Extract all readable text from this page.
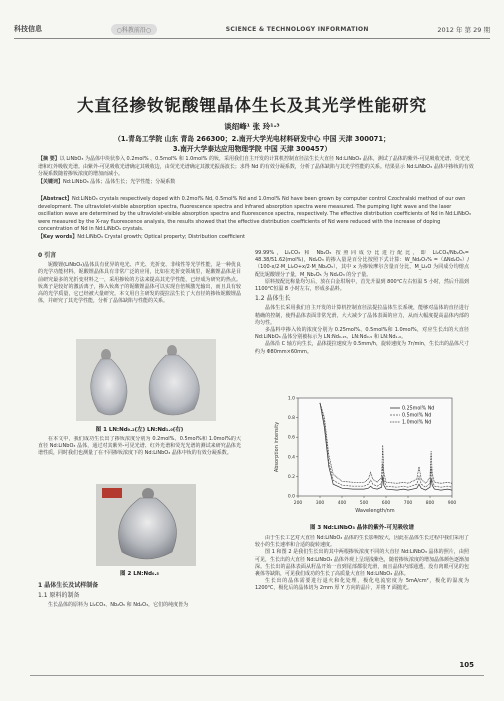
科技信息	○科教前沿○	SCIENCE & TECHNOLOGY INFORMATION	2012 年 第 29 期
大直径掺钕铌酸锂晶体生长及其光学性能研究
谈绍峰¹ 张 玲¹·³
（1.青岛工学院 山东 青岛 266300；2.南开大学光电材料研发中心 中国 天津 300071；
3.南开大学泰达应用物理学院 中国 天津 300457）
【摘 要】以 LiNbO₃ 为晶体中块状参入 0.2mol% 、0.5mol% 和 1.0mol% 的钕，采用我们自主开发的计算机控制直径法生长大直径 Nd:LiNbO₃ 晶体，测试了晶体的紫外-可见吸收光谱、荧光光谱和红外吸收光谱。由紫外-可见吸收光谱确定其吸收边，由荧光光谱确定其激光振荡波长；求得 Nd 的有效分凝系数，分析了晶体缺陷与其光学性能的关系。结果显示 Nd:LiNbO₃ 晶体中掺钕的有效分凝系数随着掺钕浓度的增加而减小。
【关键词】Nd:LiNbO₃ 晶体；晶体生长；光学性能；分凝系数
【Abstract】Nd:LiNbO₃ crystals respectively doped with 0.2mol% Nd, 0.5mol% Nd and 1.0mol% Nd have been grown by computer control Czochralski method of our own development. The ultraviolet-visible absorption spectra, fluorescence spectra and infrared absorption spectra were measured. The pumping light wave and the laser oscillation wave are determined by the ultraviolet-visible absorption spectra and fluorescence spectra, respectively. The effective distribution coefficients of Nd in Nd:LiNbO₃ were measured by the X-ray fluorescence analysis, the results showed that the effective distribution coefficients of Nd were reduced with the increase of doping concentration of Nd in Nd:LiNbO₃ crystals.
【Key words】Nd:LiNbO₃ Crystal growth; Optical property; Distribution coefficient
0 引言
铌酸锂(LiNbO₃)晶体具有优异的电光、声光、光折变、非线性等光学性能，是一种优良的光学功能材料。铌酸锂晶体具有非常广泛的应用，比如在光折变领域里，铌酸锂晶体是目前研究最多的光折变材料之一，采用掺钕的方法来提高其光学性能，已经成为研究的热点。钕离子是较好的激活离子，掺入钕离子的铌酸锂晶体可以实现自倍频激光输出，而且具有较高的光学质量，它已经被大量研究。本文用自主研发的提拉法生长了大直径的掺钕铌酸锂晶体，并研究了其光学性能，分析了晶体缺陷与性能的关系。
图 1 LN:Nd₀.₂(左) LN:Nd₁.₀(右)
在本文中，我们成功生长出了掺钕浓度分别为 0.2mol%、0.5mol%和 1.0mol%的大直径 Nd:LiNbO₃ 晶体，通过对其紫外-可见光谱、红外光谱和荧光光谱的测试来研究晶体光谱性质，同时我们也测量了在不同掺钕浓度下的 Nd:LiNbO₃ 晶体中钕的有效分凝系数。
图 2 LN:Nd₀.₅
1 晶体生长及试样制备
1.1 原料的制备
生长晶体的原料为 Li₂CO₃、Nb₂O₅ 和 Nd₂O₃，它们的纯度皆为
99.99%，Li₂CO₃ 和 Nb₂O₅ 按照同成分比进行配比，即 Li₂CO₃/Nb₂O₅= 48.38/51.62(mol%)，Nd₂O₃ 的掺入量是百分比按照下式计算：W_Nd₂O₃% =（ΔNd₂O₃）/（100-x/2·M_Li₂O+x/2·M_Nb₂O₅），其中 x 为掺钕摩尔含量百分比，M_Li₂O 为同成分均熔点配比铌酸锂分子量，M_Nb₂O₅ 为 Nd₂O₃ 的分子量。
原料按配比称量均匀后，放在白金坩埚中，首先升温到 800℃左右恒温 5 小时，然后升温到 1100℃恒温 8 小时左右，形成多晶料。
1.2 晶体生长
晶体生长采用我们自主开发的计算机控制直径法提拉晶体生长系统，能够对晶体的直径进行精确的控制，使得晶体表面非常光滑，大大减少了晶体表面的应力，从而大幅度提高晶体内部的均匀性。
多晶料中掺入钕的浓度分别为 0.25mol%、0.5mol%和 1.0mol%，对应生长出的大直径 Nd:LiNbO₃ 晶体分别被标示为 LN:Nd₀.₂₅、LN:Nd₀.₅ 和 LN:Nd₁.₀。
晶体沿 C 轴方向生长，晶体提拉速度为 0.5mm/h，旋转速度为 7r/min，生长出的晶体尺寸约为 Φ80mm×60mm。
200	300	400	500	600	700	800	900
0.0
0.2
0.4
0.6
0.8
1.0
Wavelength/nm
Absorption intensity
0.25mol% Nd
0.5mol% Nd
1.0mol% Nd
图 3 Nd:LiNbO₃ 晶体的紫外-可见吸收谱
由于生长工艺对大直径 Nd:LiNbO₃ 晶体的生长影响较大，因此在晶体生长过程中我们采用了较小的生长速率和合适的旋转速度。
图 1 和图 2 是我们生长出的其中两根掺钕浓度不同的大直径 Nd:LiNbO₃ 晶体的照片，由照可见，生长出的大直径 Nd:LiNbO₃ 晶体外观上呈现浅紫色，随着掺钕浓度的增加晶体颜色逐渐加深。生长出的晶体表面从籽晶开始一直到尾部都很光滑，而且晶体内部通透，没有肉眼可见的包裹体等缺陷，可见我们成功的生长了高质量大直径 Nd:LiNbO₃ 晶体。
生长出的晶体需要进行退火和化处理，极化电流密度为 5mA/cm²，极化的温度为 1200℃，极化后的晶体切为 2mm 厚 Y 方向的晶片，并将 Y 面抛光。
105
